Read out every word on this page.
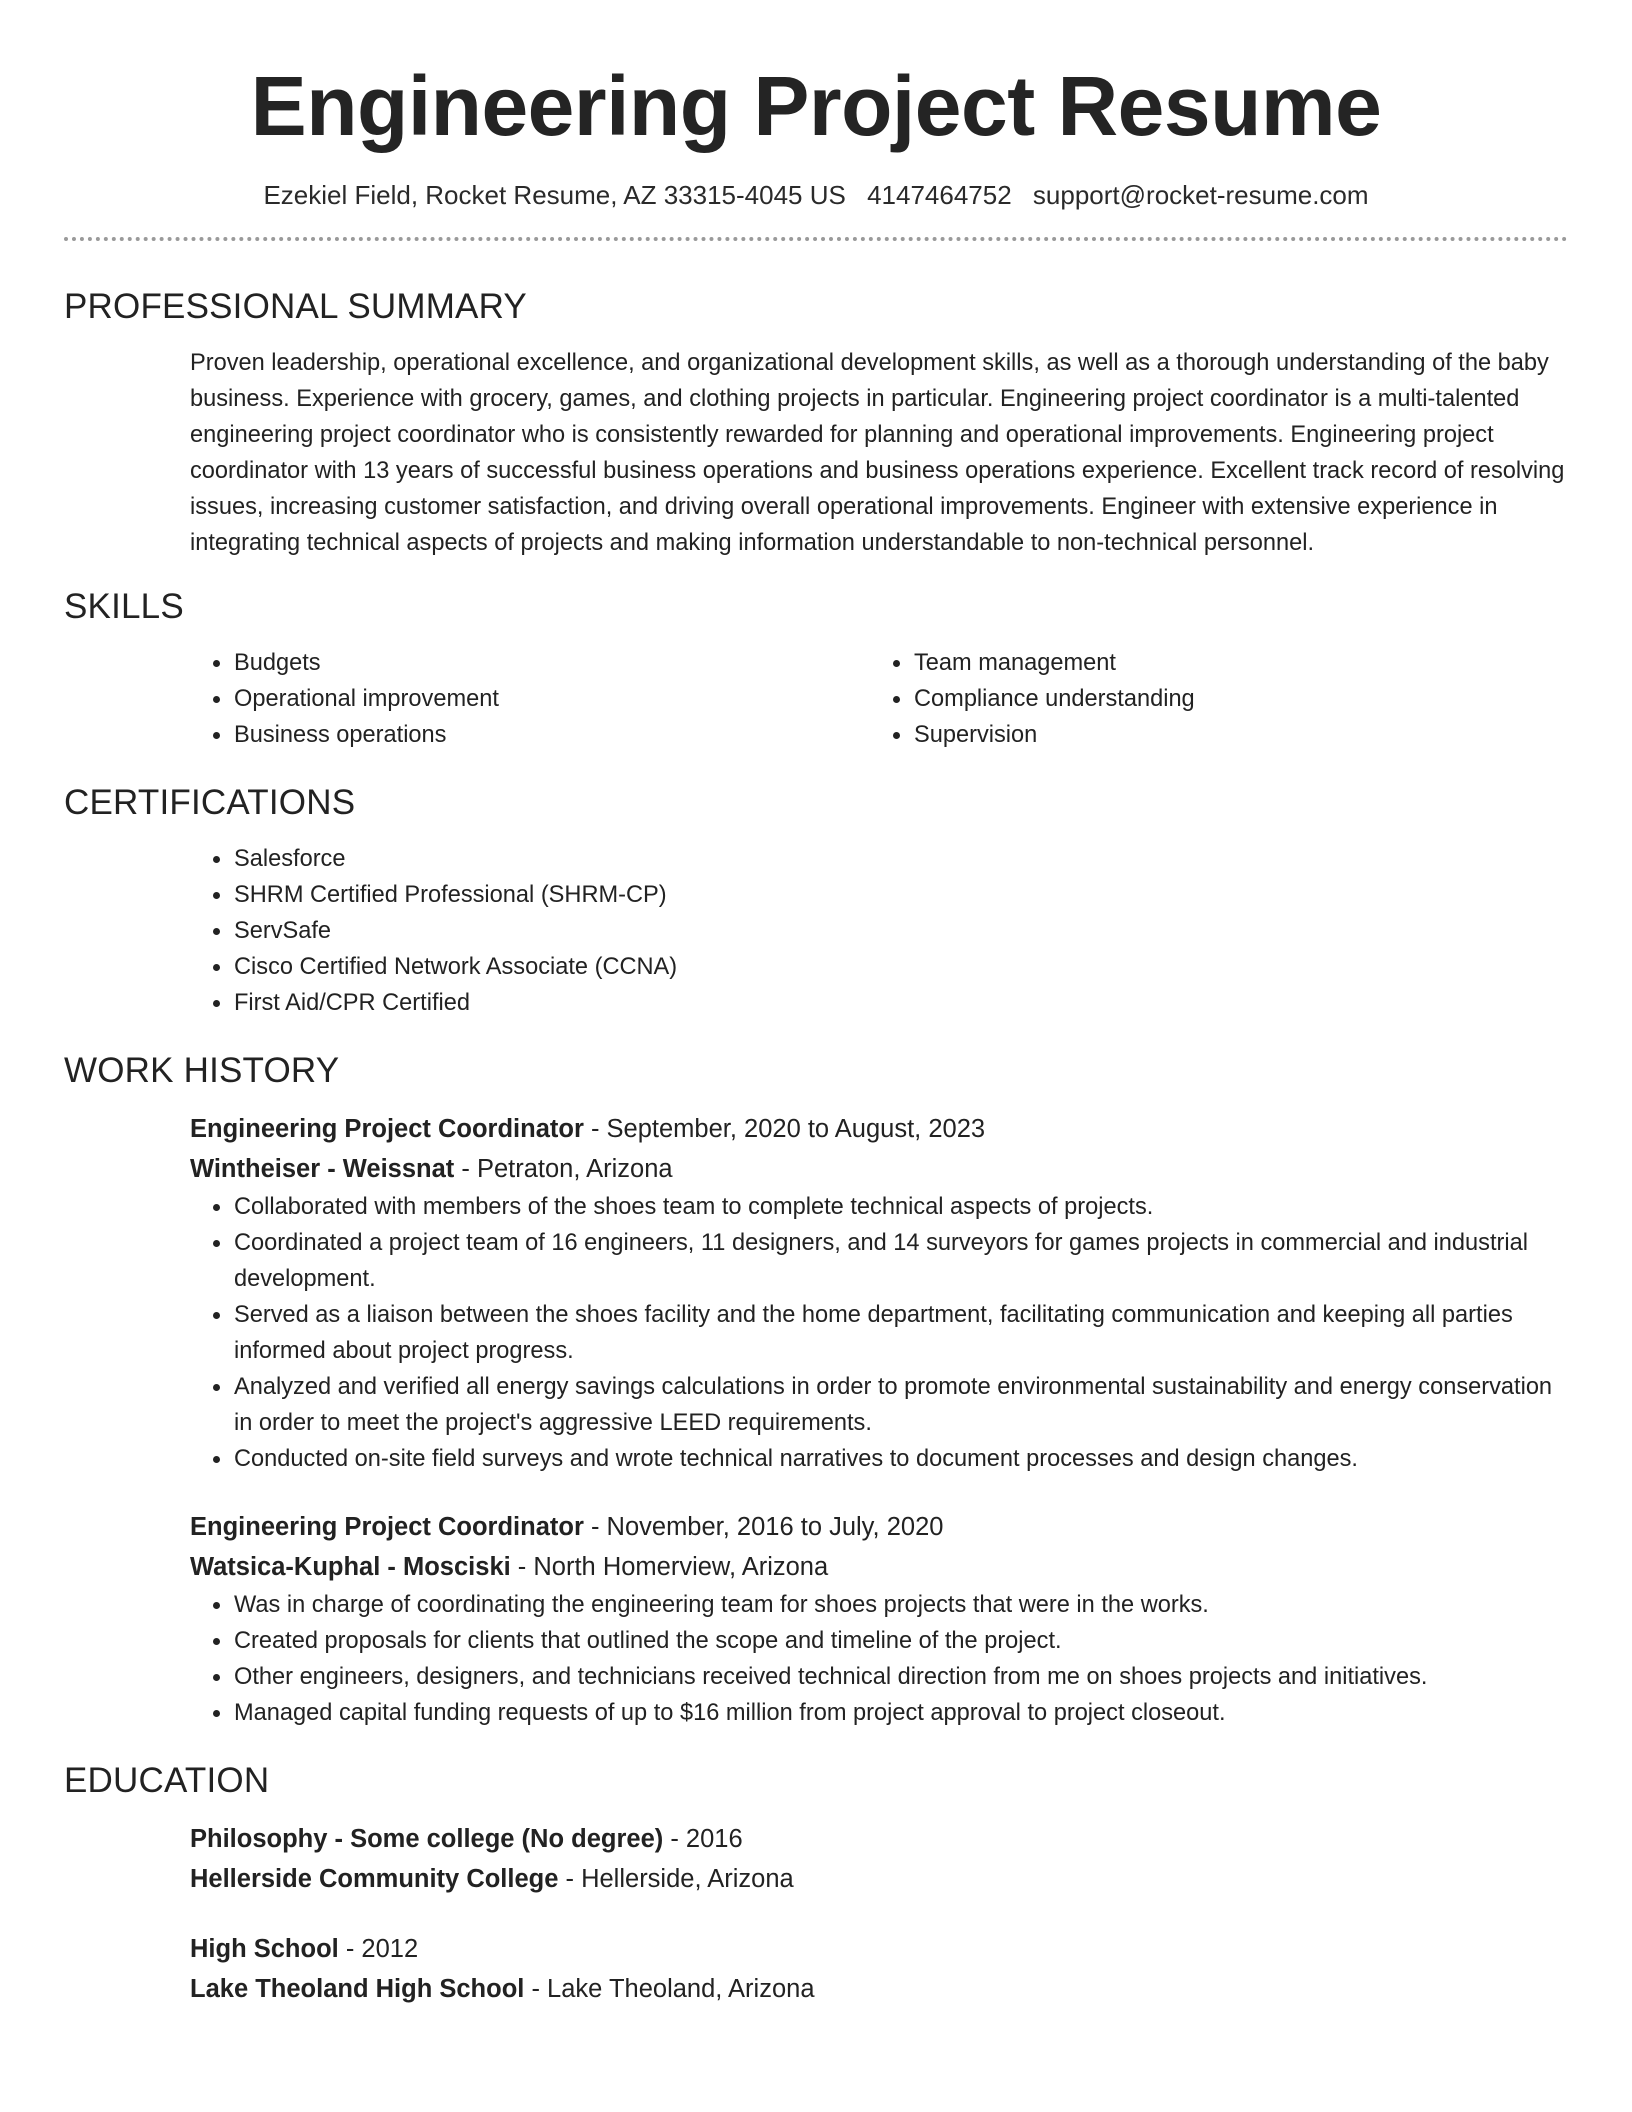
Engineering Project Resume
Ezekiel Field, Rocket Resume, AZ 33315-4045 US 4147464752 support@rocket-resume.com
PROFESSIONAL SUMMARY
Proven leadership, operational excellence, and organizational development skills, as well as a thorough understanding of the baby business. Experience with grocery, games, and clothing projects in particular. Engineering project coordinator is a multi-talented engineering project coordinator who is consistently rewarded for planning and operational improvements. Engineering project coordinator with 13 years of successful business operations and business operations experience. Excellent track record of resolving issues, increasing customer satisfaction, and driving overall operational improvements. Engineer with extensive experience in integrating technical aspects of projects and making information understandable to non-technical personnel.
SKILLS
• Budgets
• Operational improvement
• Business operations
• Team management
• Compliance understanding
• Supervision
CERTIFICATIONS
• Salesforce
• SHRM Certified Professional (SHRM-CP)
• ServSafe
• Cisco Certified Network Associate (CCNA)
• First Aid/CPR Certified
WORK HISTORY
Engineering Project Coordinator - September, 2020 to August, 2023
Wintheiser - Weissnat - Petraton, Arizona
• Collaborated with members of the shoes team to complete technical aspects of projects.
• Coordinated a project team of 16 engineers, 11 designers, and 14 surveyors for games projects in commercial and industrial development.
• Served as a liaison between the shoes facility and the home department, facilitating communication and keeping all parties informed about project progress.
• Analyzed and verified all energy savings calculations in order to promote environmental sustainability and energy conservation in order to meet the project's aggressive LEED requirements.
• Conducted on-site field surveys and wrote technical narratives to document processes and design changes.
Engineering Project Coordinator - November, 2016 to July, 2020
Watsica-Kuphal - Mosciski - North Homerview, Arizona
• Was in charge of coordinating the engineering team for shoes projects that were in the works.
• Created proposals for clients that outlined the scope and timeline of the project.
• Other engineers, designers, and technicians received technical direction from me on shoes projects and initiatives.
• Managed capital funding requests of up to $16 million from project approval to project closeout.
EDUCATION
Philosophy - Some college (No degree) - 2016
Hellerside Community College - Hellerside, Arizona
High School - 2012
Lake Theoland High School - Lake Theoland, Arizona
